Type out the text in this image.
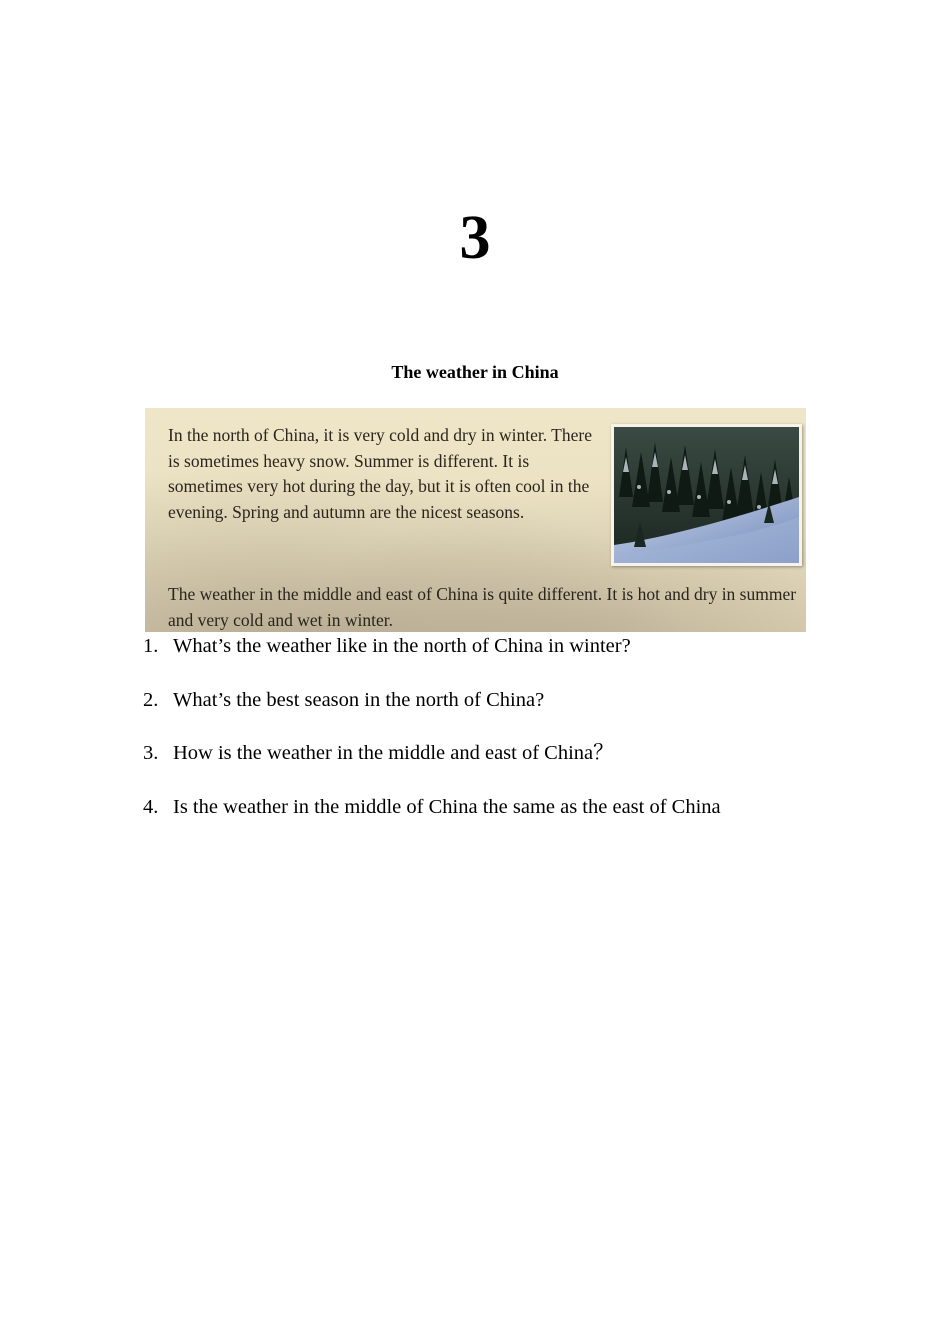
3
The weather in China

In the north of China, it is very cold and dry in winter. There is sometimes heavy snow. Summer is different. It is sometimes very hot during the day, but it is often cool in the evening. Spring and autumn are the nicest seasons.

The weather in the middle and east of China is quite different. It is hot and dry in summer and very cold and wet in winter.

1. What’s the weather like in the north of China in winter?
2. What’s the best season in the north of China?
3. How is the weather in the middle and east of China？
4. Is the weather in the middle of China the same as the east of China
